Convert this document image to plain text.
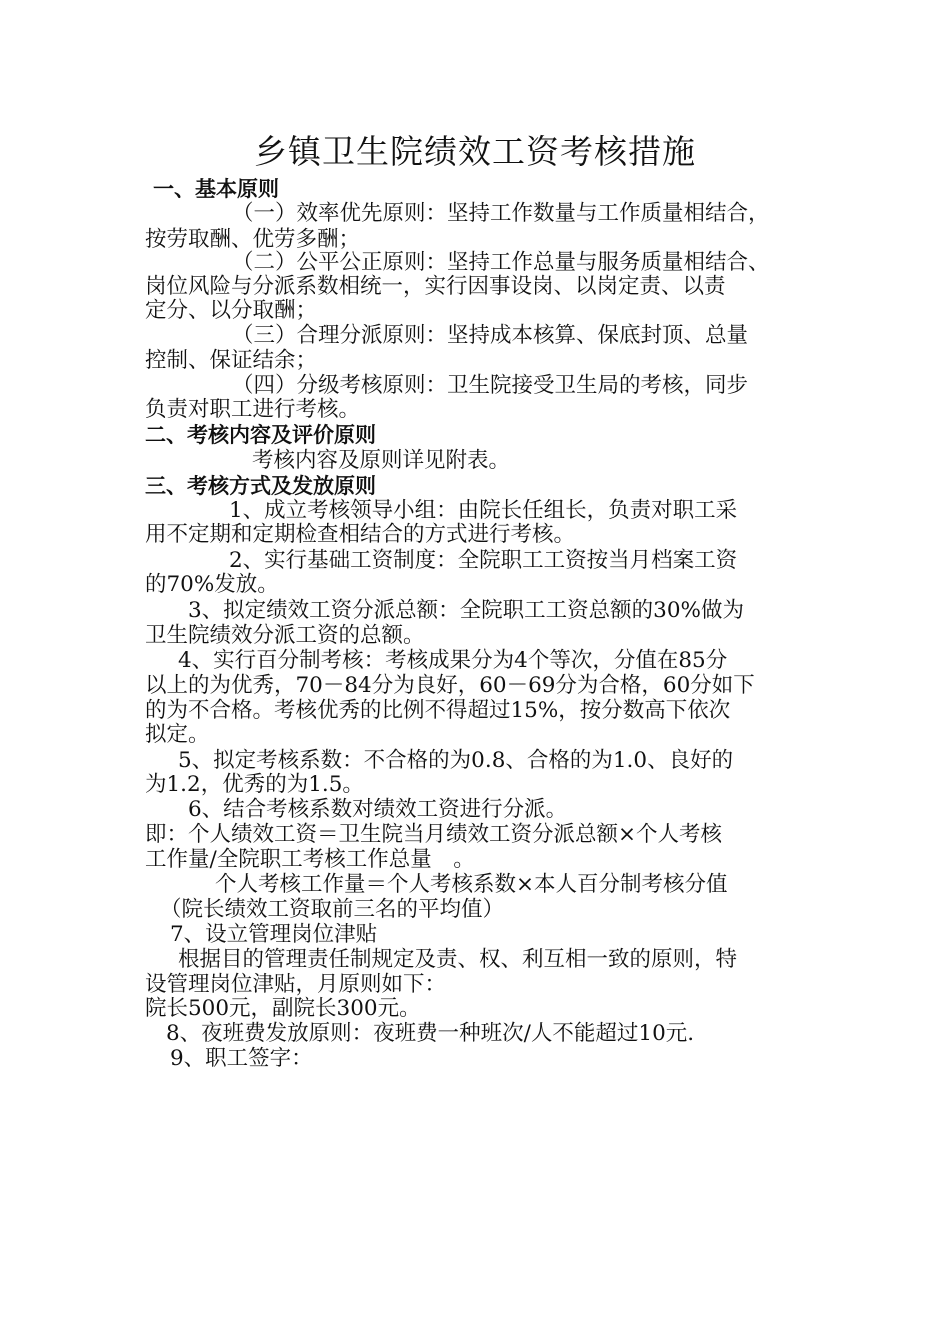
乡镇卫生院绩效工资考核措施
一、基本原则
（一）效率优先原则：坚持工作数量与工作质量相结合，
按劳取酬、优劳多酬；
（二）公平公正原则：坚持工作总量与服务质量相结合、
岗位风险与分派系数相统一，实行因事设岗、以岗定责、以责
定分、以分取酬；
（三）合理分派原则：坚持成本核算、保底封顶、总量
控制、保证结余；
（四）分级考核原则：卫生院接受卫生局的考核，同步
负责对职工进行考核。
二、考核内容及评价原则
考核内容及原则详见附表。
三、考核方式及发放原则
1、成立考核领导小组：由院长任组长，负责对职工采
用不定期和定期检查相结合的方式进行考核。
2、实行基础工资制度：全院职工工资按当月档案工资
的70%发放。
3、拟定绩效工资分派总额：全院职工工资总额的30%做为
卫生院绩效分派工资的总额。
4、实行百分制考核：考核成果分为4个等次，分值在85分
以上的为优秀，70－84分为良好，60－69分为合格，60分如下
的为不合格。考核优秀的比例不得超过15%，按分数高下依次
拟定。
5、拟定考核系数：不合格的为0.8、合格的为1.0、良好的
为1.2，优秀的为1.5。
6、结合考核系数对绩效工资进行分派。
即：个人绩效工资＝卫生院当月绩效工资分派总额×个人考核
工作量/全院职工考核工作总量　。
个人考核工作量＝个人考核系数×本人百分制考核分值
（院长绩效工资取前三名的平均值）
7、设立管理岗位津贴
根据目的管理责任制规定及责、权、利互相一致的原则，特
设管理岗位津贴，月原则如下：
院长500元，副院长300元。
8、夜班费发放原则：夜班费一种班次/人不能超过10元.
9、职工签字：
